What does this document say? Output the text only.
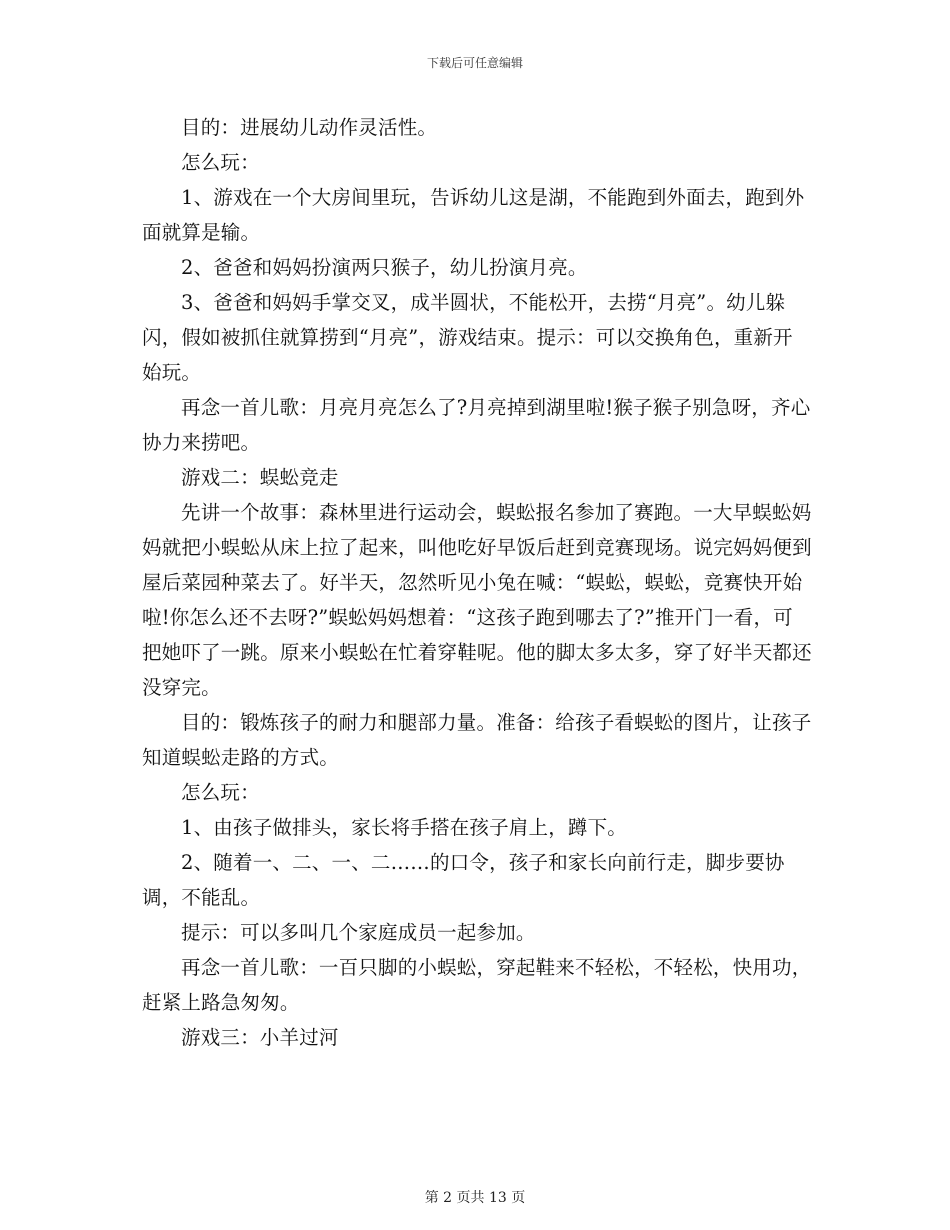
下载后可任意编辑

目的：进展幼儿动作灵活性。

怎么玩：

1、游戏在一个大房间里玩，告诉幼儿这是湖，不能跑到外面去，跑到外面就算是输。

2、爸爸和妈妈扮演两只猴子，幼儿扮演月亮。

3、爸爸和妈妈手掌交叉，成半圆状，不能松开，去捞“月亮”。幼儿躲闪，假如被抓住就算捞到“月亮”，游戏结束。提示：可以交换角色，重新开始玩。

再念一首儿歌：月亮月亮怎么了?月亮掉到湖里啦!猴子猴子别急呀，齐心协力来捞吧。

游戏二：蜈蚣竞走

先讲一个故事：森林里进行运动会，蜈蚣报名参加了赛跑。一大早蜈蚣妈妈就把小蜈蚣从床上拉了起来，叫他吃好早饭后赶到竞赛现场。说完妈妈便到屋后菜园种菜去了。好半天，忽然听见小兔在喊：“蜈蚣，蜈蚣，竞赛快开始啦!你怎么还不去呀?”蜈蚣妈妈想着：“这孩子跑到哪去了?”推开门一看，可把她吓了一跳。原来小蜈蚣在忙着穿鞋呢。他的脚太多太多，穿了好半天都还没穿完。

目的：锻炼孩子的耐力和腿部力量。准备：给孩子看蜈蚣的图片，让孩子知道蜈蚣走路的方式。

怎么玩：

1、由孩子做排头，家长将手搭在孩子肩上，蹲下。

2、随着一、二、一、二……的口令，孩子和家长向前行走，脚步要协调，不能乱。

提示：可以多叫几个家庭成员一起参加。

再念一首儿歌：一百只脚的小蜈蚣，穿起鞋来不轻松，不轻松，快用功，赶紧上路急匆匆。

游戏三：小羊过河

第 2 页共 13 页
